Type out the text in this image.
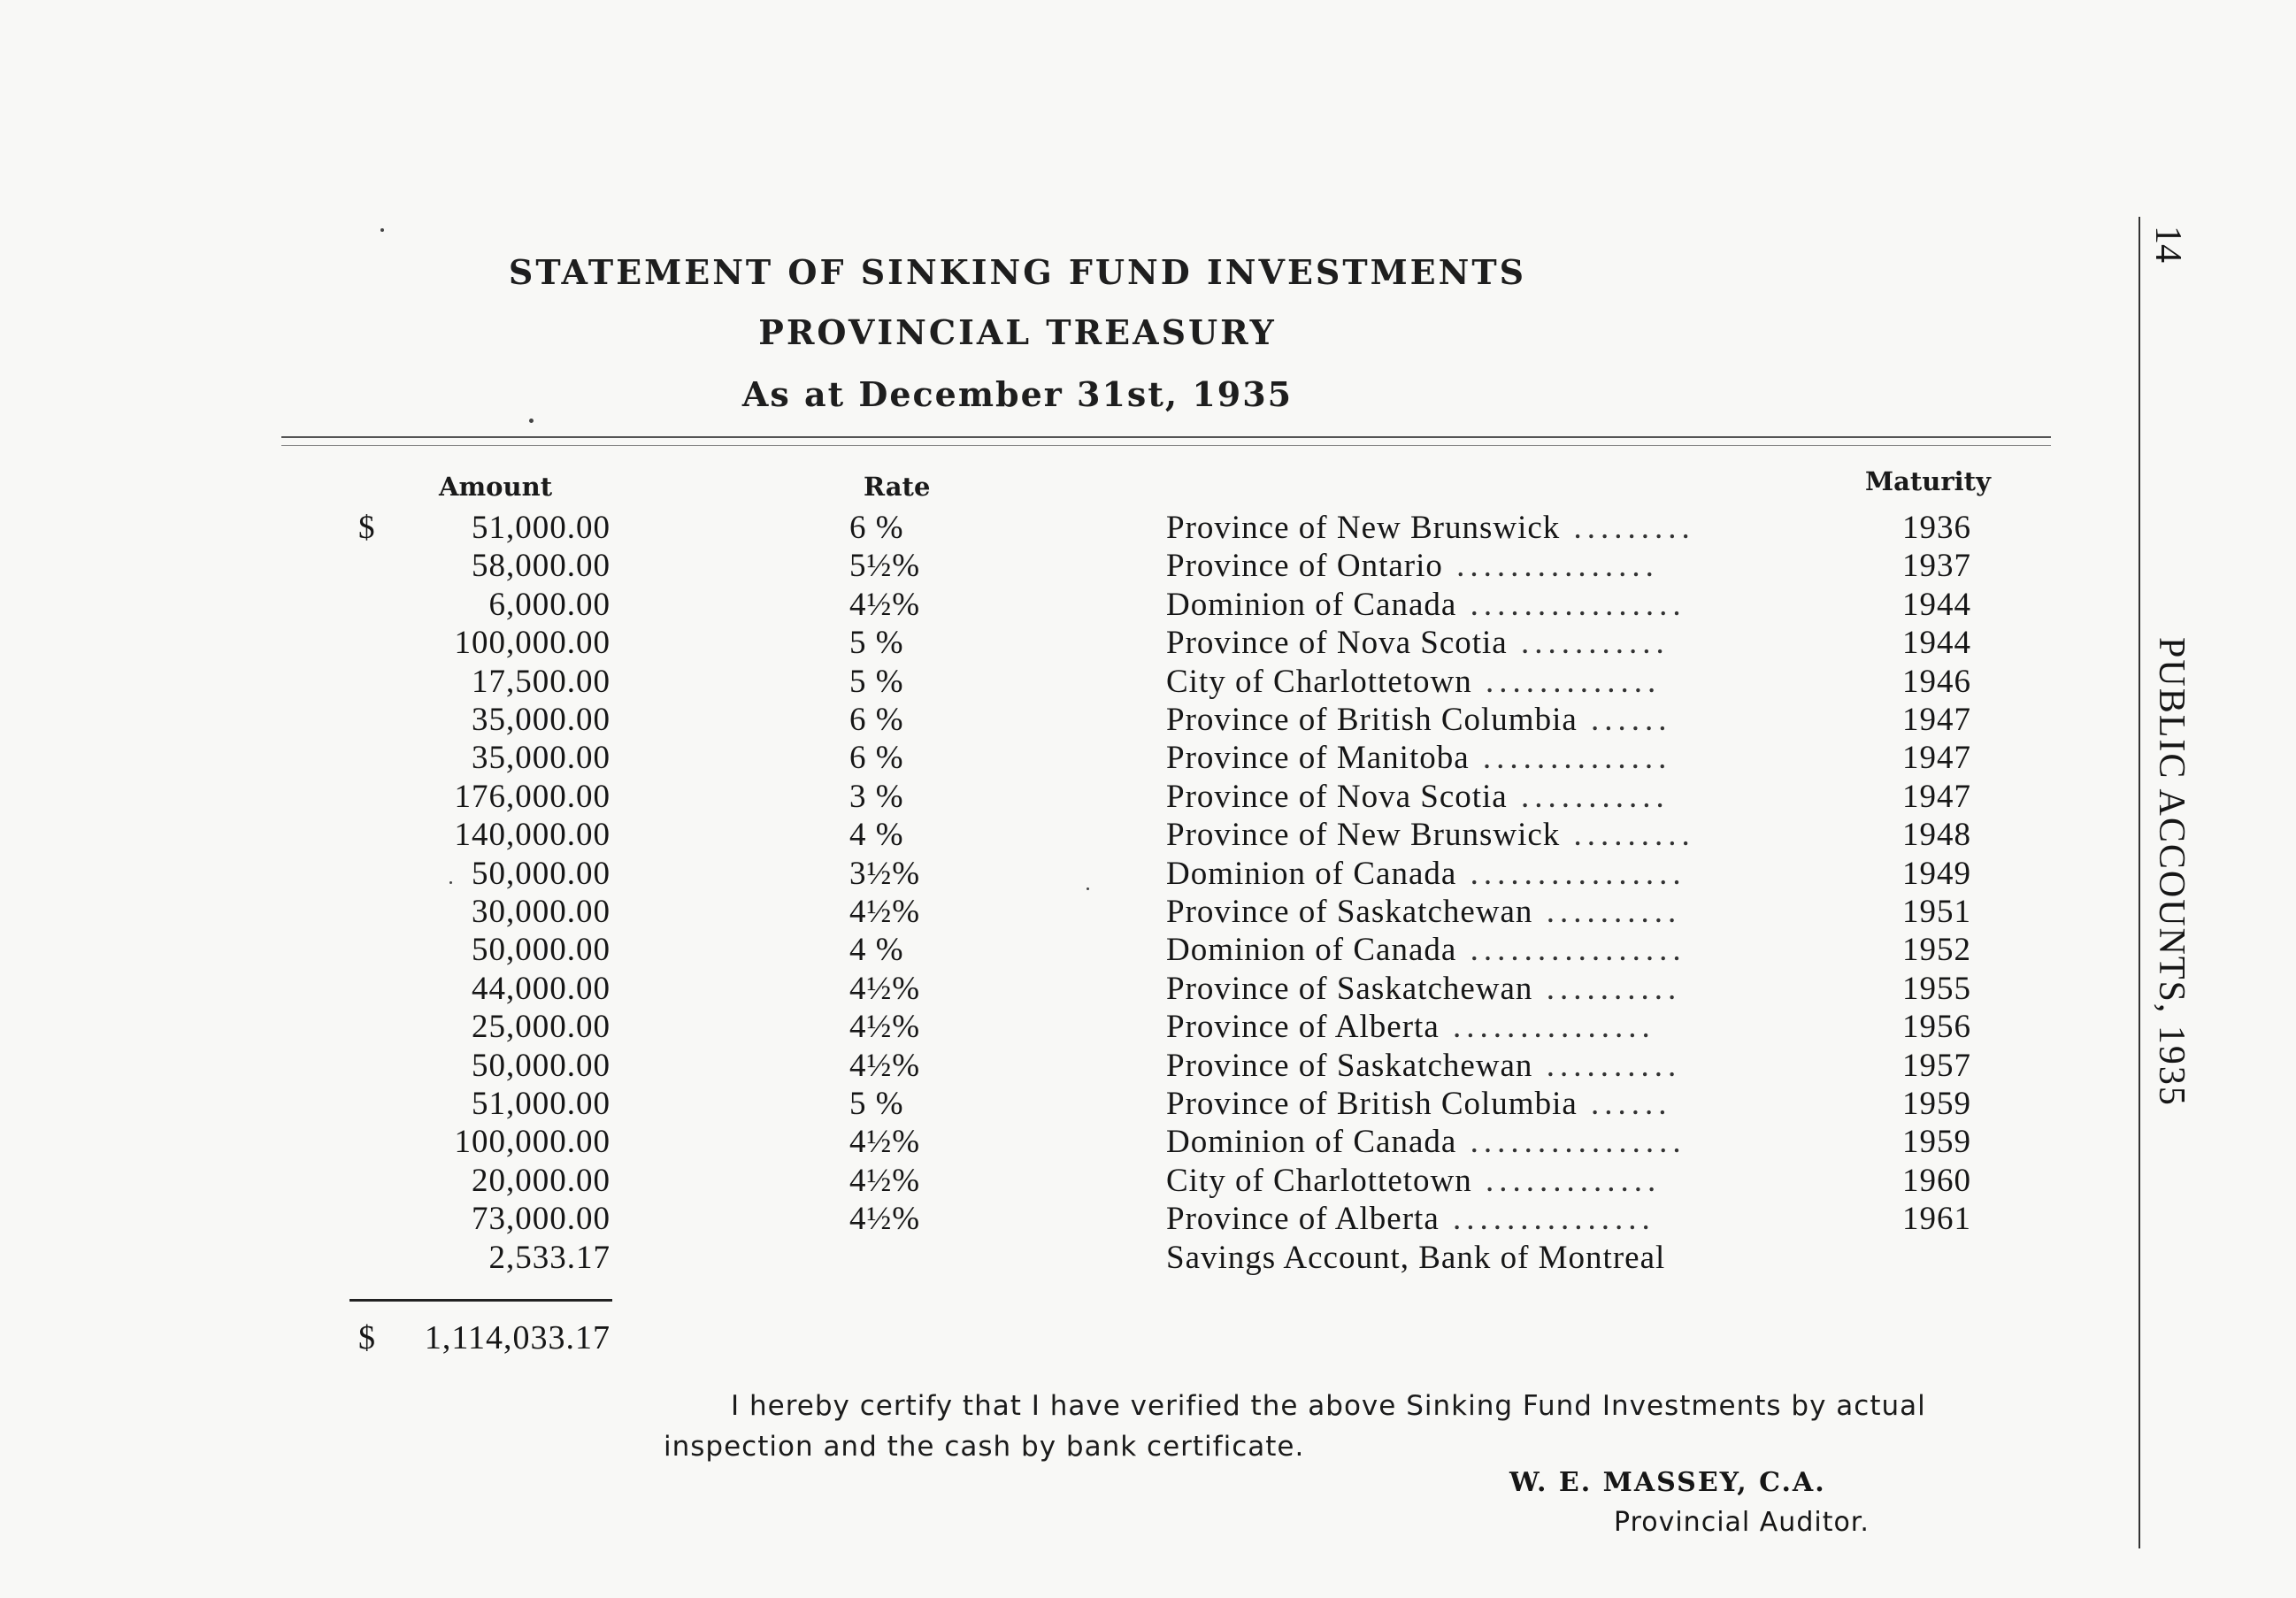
STATEMENT OF SINKING FUND INVESTMENTS
PROVINCIAL TREASURY
As at December 31st, 1935
Amount	Rate	Maturity
$	51,000.00	6 %	Province of New Brunswick .........	1936
58,000.00	5½%	Province of Ontario ...............	1937
6,000.00	4½%	Dominion of Canada ................	1944
100,000.00	5 %	Province of Nova Scotia ...........	1944
17,500.00	5 %	City of Charlottetown .............	1946
35,000.00	6 %	Province of British Columbia ......	1947
35,000.00	6 %	Province of Manitoba ..............	1947
176,000.00	3 %	Province of Nova Scotia ...........	1947
140,000.00	4 %	Province of New Brunswick .........	1948
50,000.00	3½%	Dominion of Canada ................	1949
30,000.00	4½%	Province of Saskatchewan ..........	1951
50,000.00	4 %	Dominion of Canada ................	1952
44,000.00	4½%	Province of Saskatchewan ..........	1955
25,000.00	4½%	Province of Alberta ...............	1956
50,000.00	4½%	Province of Saskatchewan ..........	1957
51,000.00	5 %	Province of British Columbia ......	1959
100,000.00	4½%	Dominion of Canada ................	1959
20,000.00	4½%	City of Charlottetown .............	1960
73,000.00	4½%	Province of Alberta ...............	1961
2,533.17	Savings Account, Bank of Montreal
$	1,114,033.17
I hereby certify that I have verified the above Sinking Fund Investments by actual
inspection and the cash by bank certificate.
W. E. MASSEY, C.A.
Provincial Auditor.
14
PUBLIC ACCOUNTS, 1935
